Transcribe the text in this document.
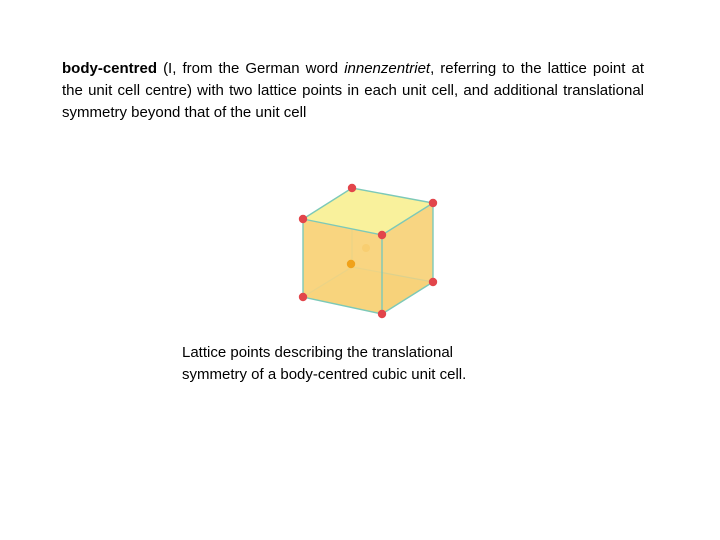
body-centred (I, from the German word innenzentriet, referring to the lattice point at the unit cell centre) with two lattice points in each unit cell, and additional translational symmetry beyond that of the unit cell

Lattice points describing the translational
symmetry of a body-centred cubic unit cell.
